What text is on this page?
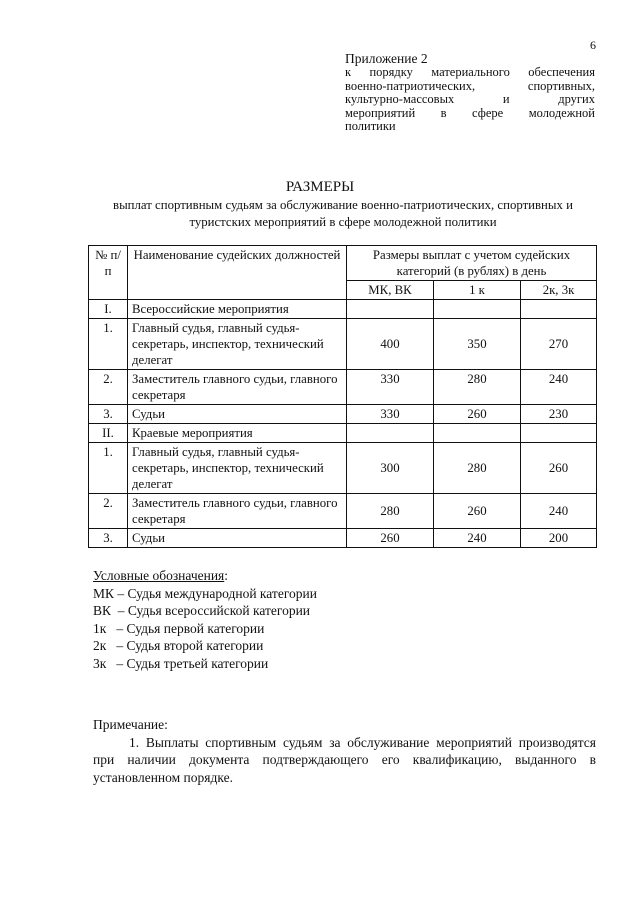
6
Приложение 2
к порядку материального обеспечения
военно-патриотических, спортивных,
культурно-массовых и других
мероприятий в сфере молодежной
политики
РАЗМЕРЫ
выплат спортивным судьям за обслуживание военно-патриотических, спортивных и туристских мероприятий в сфере молодежной политики
№ п/п	Наименование судейских должностей	Размеры выплат с учетом судейских категорий (в рублях) в день		
		МК, ВК	1 к	2к, 3к
I.	Всероссийские мероприятия			
1.	Главный судья, главный судья-секретарь, инспектор, технический делегат	400	350	270
2.	Заместитель главного судьи, главного секретаря	330	280	240
3.	Судьи	330	260	230
II.	Краевые мероприятия			
1.	Главный судья, главный судья-секретарь, инспектор, технический делегат	300	280	260
2.	Заместитель главного судьи, главного секретаря	280	260	240
3.	Судьи	260	240	200
Условные обозначения:
МК – Судья международной категории
ВК  – Судья всероссийской категории
1к   – Судья первой категории
2к   – Судья второй категории
3к   – Судья третьей категории
Примечание:
1. Выплаты спортивным судьям за обслуживание мероприятий производятся при наличии документа подтверждающего его квалификацию, выданного в установленном порядке.
